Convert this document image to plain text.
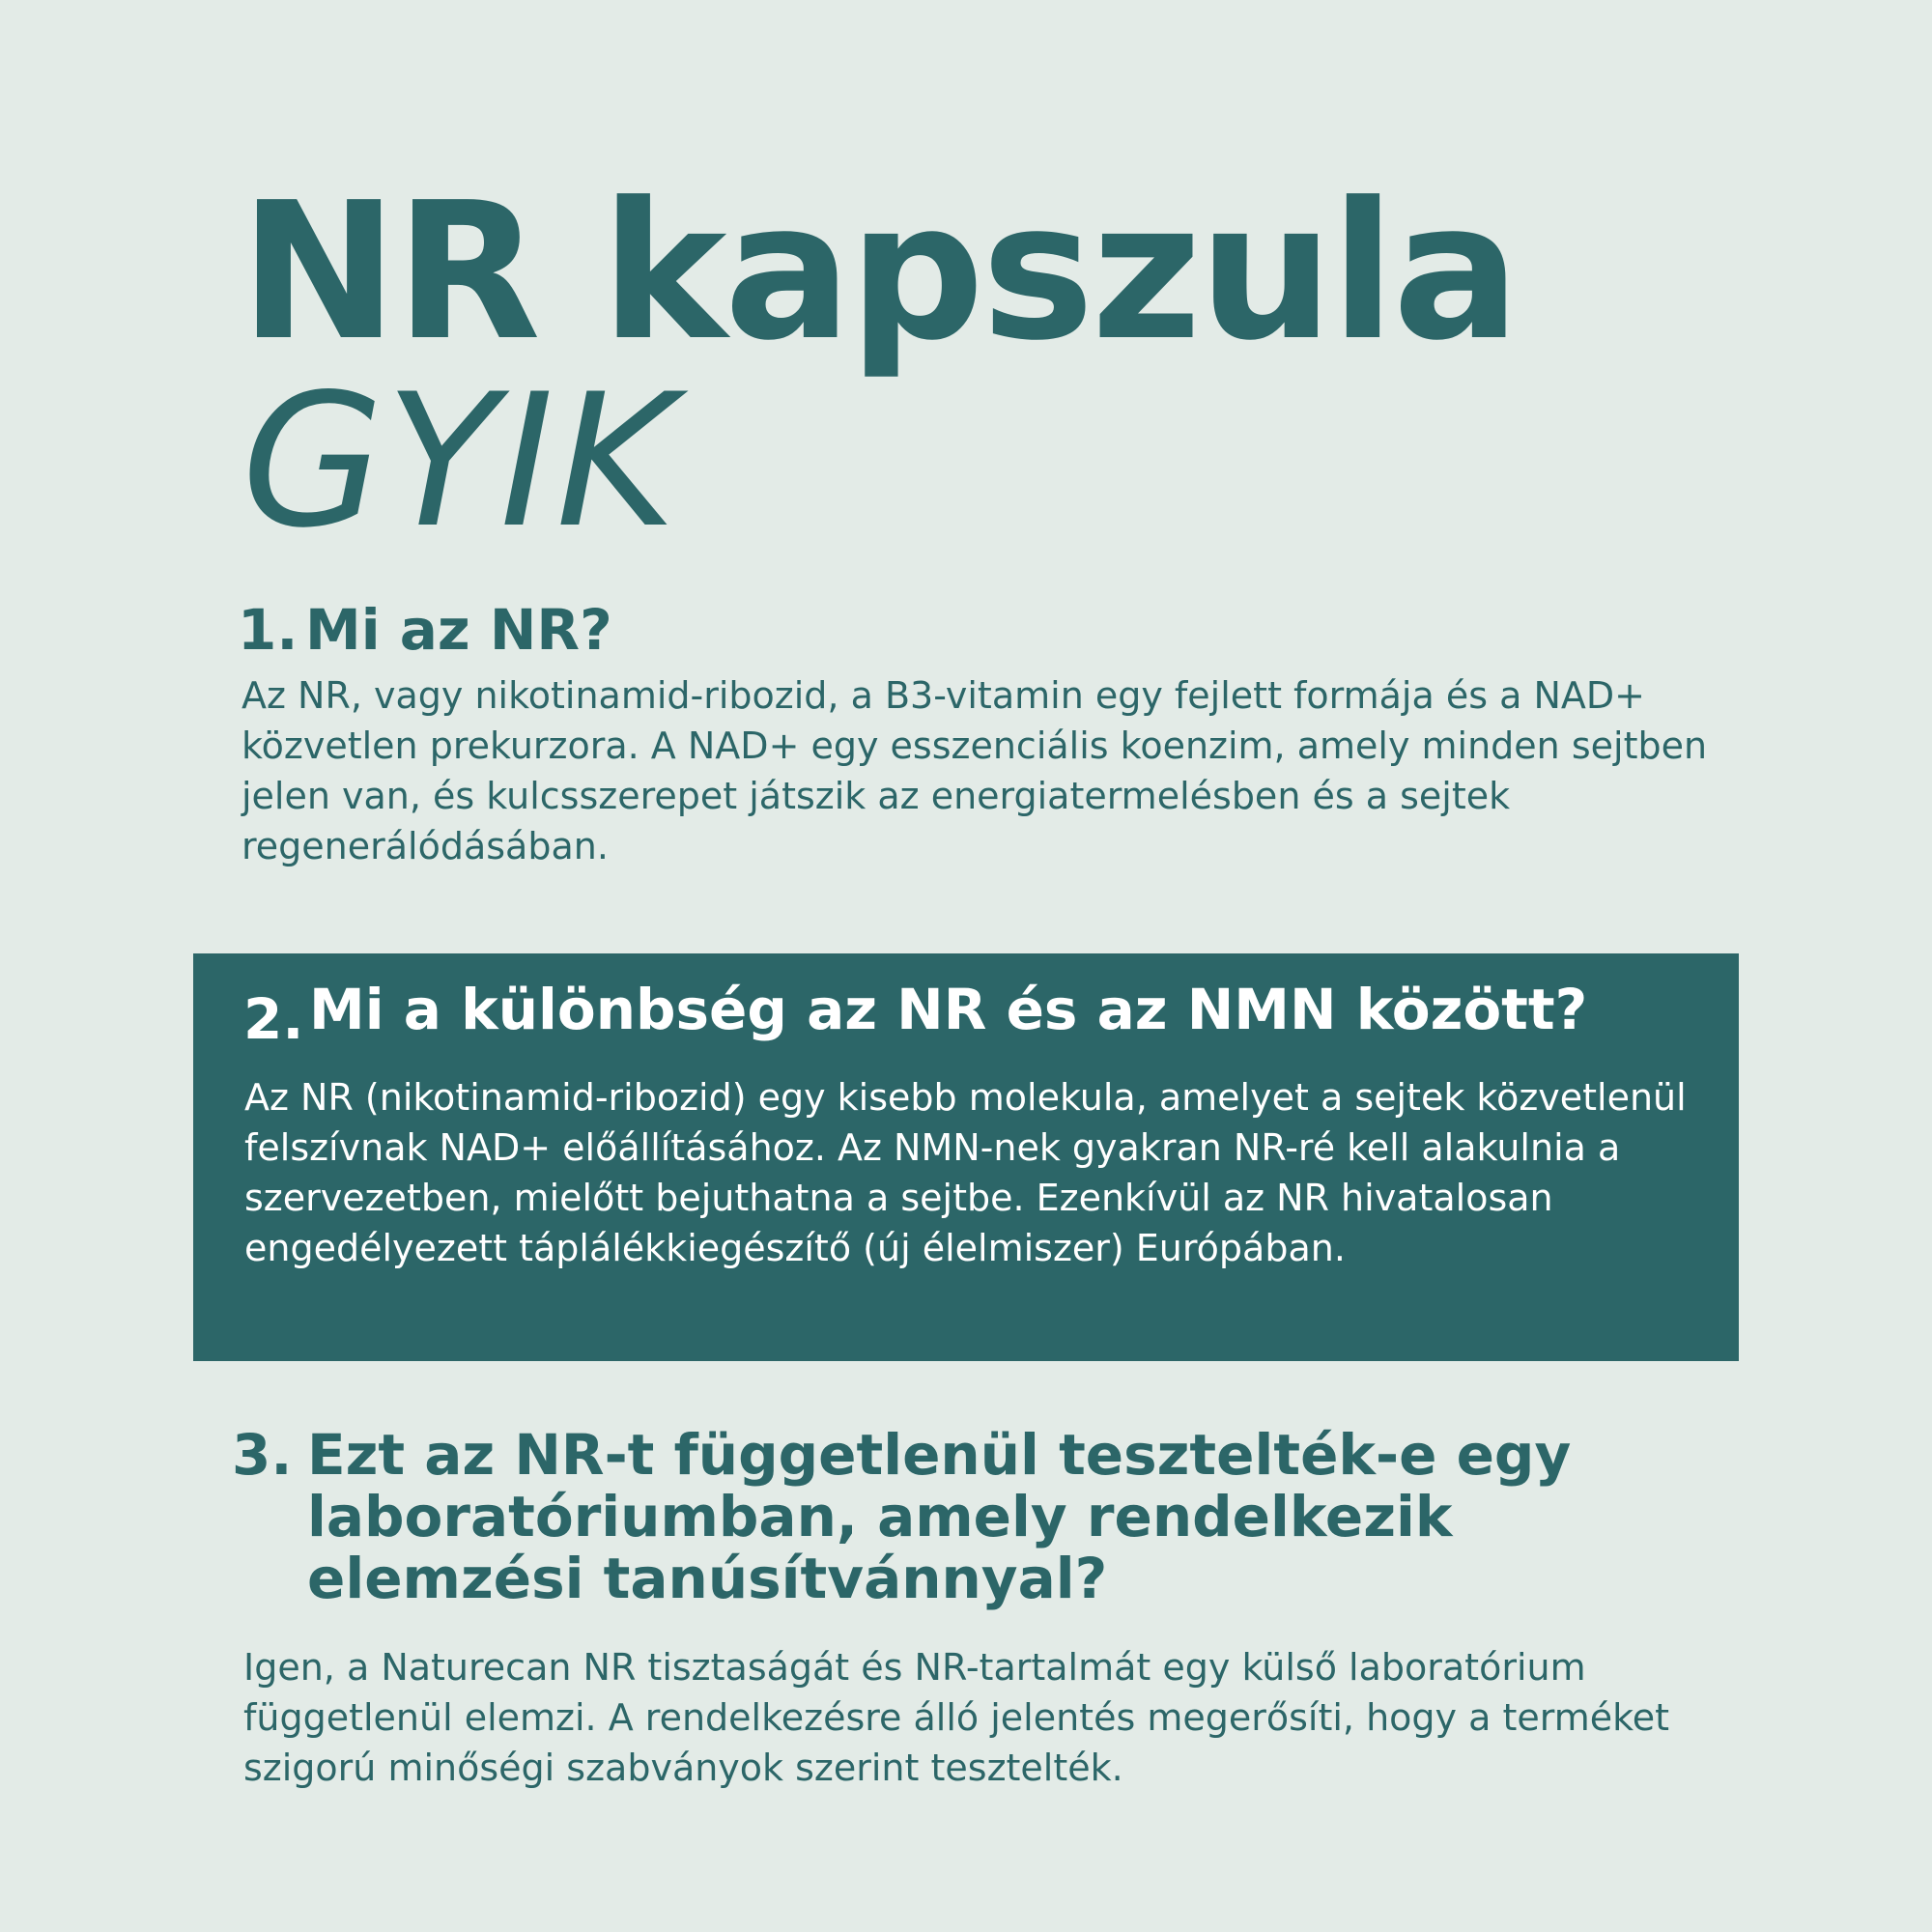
NR kapszula
GYIK
1. Mi az NR?

Az NR, vagy nikotinamid-ribozid, a B3-vitamin egy fejlett formája és a NAD+ közvetlen prekurzora. A NAD+ egy esszenciális koenzim, amely minden sejtben jelen van, és kulcsszerepet játszik az energiatermelésben és a sejtek regenerálódásában.

2. Mi a különbség az NR és az NMN között?

Az NR (nikotinamid-ribozid) egy kisebb molekula, amelyet a sejtek közvetlenül felszívnak NAD+ előállításához. Az NMN-nek gyakran NR-ré kell alakulnia a szervezetben, mielőtt bejuthatna a sejtbe. Ezenkívül az NR hivatalosan engedélyezett táplálékkiegészítő (új élelmiszer) Európában.

3. Ezt az NR-t függetlenül tesztelték-e egy laboratóriumban, amely rendelkezik elemzési tanúsítvánnyal?

Igen, a Naturecan NR tisztaságát és NR-tartalmát egy külső laboratórium függetlenül elemzi. A rendelkezésre álló jelentés megerősíti, hogy a terméket szigorú minőségi szabványok szerint tesztelték.
